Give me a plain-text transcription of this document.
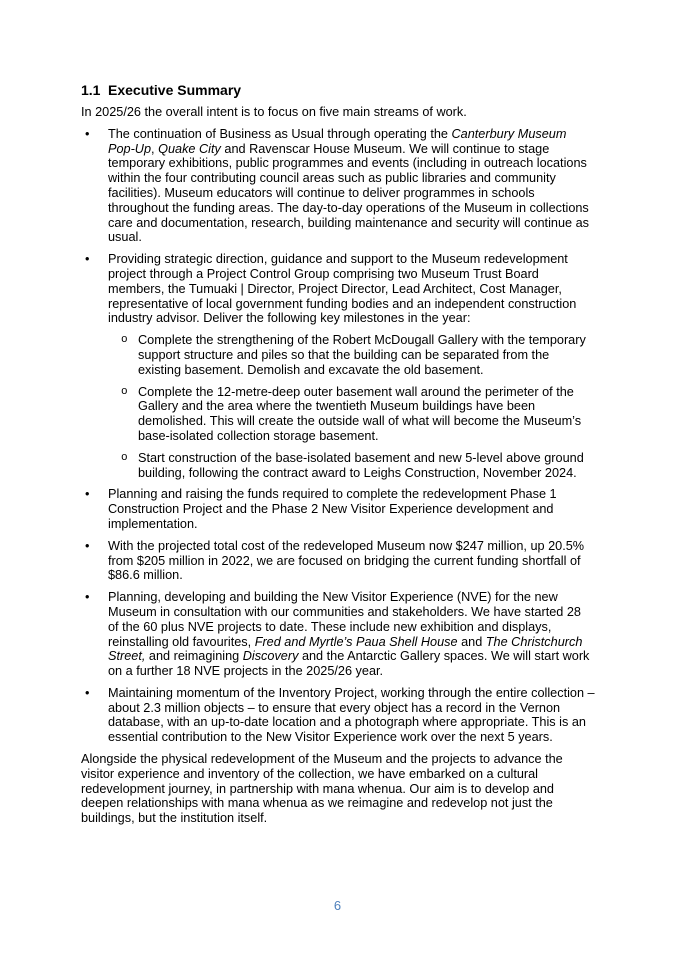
1.1 Executive Summary

In 2025/26 the overall intent is to focus on five main streams of work.

•	The continuation of Business as Usual through operating the Canterbury Museum Pop-Up, Quake City and Ravenscar House Museum. We will continue to stage temporary exhibitions, public programmes and events (including in outreach locations within the four contributing council areas such as public libraries and community facilities). Museum educators will continue to deliver programmes in schools throughout the funding areas. The day-to-day operations of the Museum in collections care and documentation, research, building maintenance and security will continue as usual.

•	Providing strategic direction, guidance and support to the Museum redevelopment project through a Project Control Group comprising two Museum Trust Board members, the Tumuaki | Director, Project Director, Lead Architect, Cost Manager, representative of local government funding bodies and an independent construction industry advisor. Deliver the following key milestones in the year:

o Complete the strengthening of the Robert McDougall Gallery with the temporary support structure and piles so that the building can be separated from the existing basement. Demolish and excavate the old basement.

o Complete the 12-metre-deep outer basement wall around the perimeter of the Gallery and the area where the twentieth Museum buildings have been demolished. This will create the outside wall of what will become the Museum’s base-isolated collection storage basement.

o Start construction of the base-isolated basement and new 5-level above ground building, following the contract award to Leighs Construction, November 2024.

•	Planning and raising the funds required to complete the redevelopment Phase 1 Construction Project and the Phase 2 New Visitor Experience development and implementation.

•	With the projected total cost of the redeveloped Museum now $247 million, up 20.5% from $205 million in 2022, we are focused on bridging the current funding shortfall of $86.6 million.

•	Planning, developing and building the New Visitor Experience (NVE) for the new Museum in consultation with our communities and stakeholders. We have started 28 of the 60 plus NVE projects to date. These include new exhibition and displays, reinstalling old favourites, Fred and Myrtle’s Paua Shell House and The Christchurch Street, and reimagining Discovery and the Antarctic Gallery spaces. We will start work on a further 18 NVE projects in the 2025/26 year.

•	Maintaining momentum of the Inventory Project, working through the entire collection – about 2.3 million objects – to ensure that every object has a record in the Vernon database, with an up-to-date location and a photograph where appropriate. This is an essential contribution to the New Visitor Experience work over the next 5 years.

Alongside the physical redevelopment of the Museum and the projects to advance the visitor experience and inventory of the collection, we have embarked on a cultural redevelopment journey, in partnership with mana whenua. Our aim is to develop and deepen relationships with mana whenua as we reimagine and redevelop not just the buildings, but the institution itself.

6
